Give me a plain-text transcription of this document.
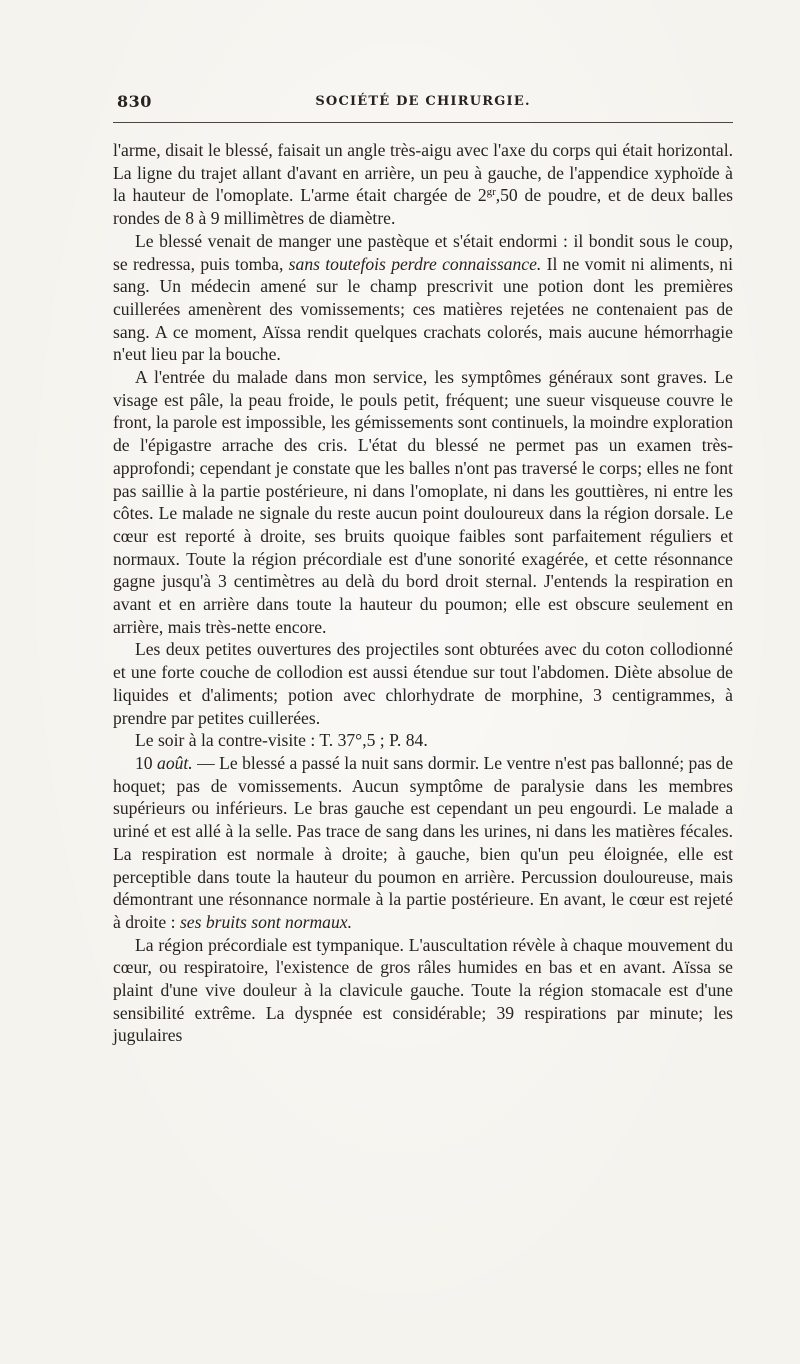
830	SOCIÉTÉ DE CHIRURGIE.

l'arme, disait le blessé, faisait un angle très-aigu avec l'axe du corps qui était horizontal. La ligne du trajet allant d'avant en arrière, un peu à gauche, de l'appendice xyphoïde à la hauteur de l'omoplate. L'arme était chargée de $2^{gr},50$ de poudre, et de deux balles rondes de 8 à 9 millimètres de diamètre.

Le blessé venait de manger une pastèque et s'était endormi : il bondit sous le coup, se redressa, puis tomba, sans toutefois perdre connaissance. Il ne vomit ni aliments, ni sang. Un médecin amené sur le champ prescrivit une potion dont les premières cuillerées amenèrent des vomissements; ces matières rejetées ne contenaient pas de sang. A ce moment, Aïssa rendit quelques crachats colorés, mais aucune hémorrhagie n'eut lieu par la bouche.

A l'entrée du malade dans mon service, les symptômes généraux sont graves. Le visage est pâle, la peau froide, le pouls petit, fréquent; une sueur visqueuse couvre le front, la parole est impossible, les gémissements sont continuels, la moindre exploration de l'épigastre arrache des cris. L'état du blessé ne permet pas un examen très-approfondi; cependant je constate que les balles n'ont pas traversé le corps; elles ne font pas saillie à la partie postérieure, ni dans l'omoplate, ni dans les gouttières, ni entre les côtes. Le malade ne signale du reste aucun point douloureux dans la région dorsale. Le cœur est reporté à droite, ses bruits quoique faibles sont parfaitement réguliers et normaux. Toute la région précordiale est d'une sonorité exagérée, et cette résonnance gagne jusqu'à 3 centimètres au delà du bord droit sternal. J'entends la respiration en avant et en arrière dans toute la hauteur du poumon; elle est obscure seulement en arrière, mais très-nette encore.

Les deux petites ouvertures des projectiles sont obturées avec du coton collodionné et une forte couche de collodion est aussi étendue sur tout l'abdomen. Diète absolue de liquides et d'aliments; potion avec chlorhydrate de morphine, 3 centigrammes, à prendre par petites cuillerées.

Le soir à la contre-visite : T. 37°,5 ; P. 84.

10 août. — Le blessé a passé la nuit sans dormir. Le ventre n'est pas ballonné; pas de hoquet; pas de vomissements. Aucun symptôme de paralysie dans les membres supérieurs ou inférieurs. Le bras gauche est cependant un peu engourdi. Le malade a uriné et est allé à la selle. Pas trace de sang dans les urines, ni dans les matières fécales. La respiration est normale à droite; à gauche, bien qu'un peu éloignée, elle est perceptible dans toute la hauteur du poumon en arrière. Percussion douloureuse, mais démontrant une résonnance normale à la partie postérieure. En avant, le cœur est rejeté à droite : ses bruits sont normaux.

La région précordiale est tympanique. L'auscultation révèle à chaque mouvement du cœur, ou respiratoire, l'existence de gros râles humides en bas et en avant. Aïssa se plaint d'une vive douleur à la clavicule gauche. Toute la région stomacale est d'une sensibilité extrême. La dyspnée est considérable; 39 respirations par minute; les jugulaires
